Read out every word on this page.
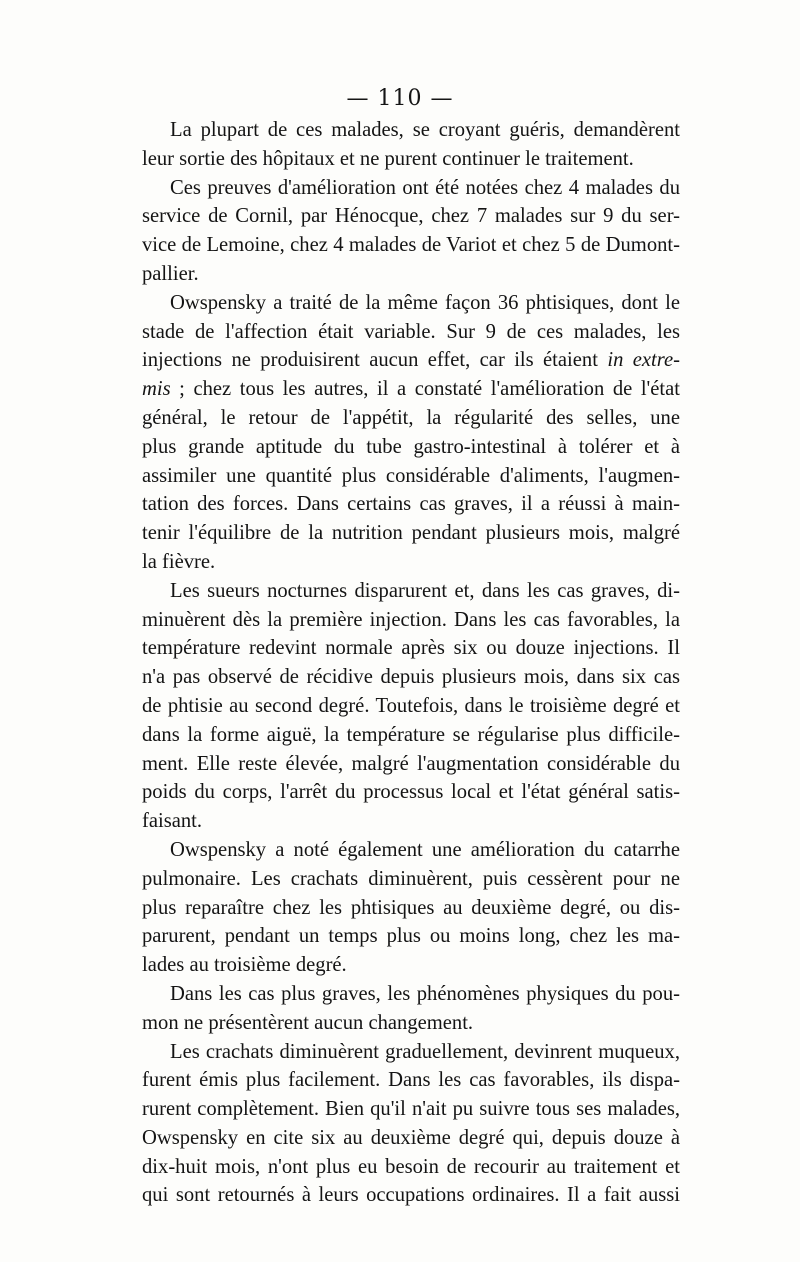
— 110 —

La plupart de ces malades, se croyant guéris, demandèrent
leur sortie des hôpitaux et ne purent continuer le traitement.

Ces preuves d'amélioration ont été notées chez 4 malades du
service de Cornil, par Hénocque, chez 7 malades sur 9 du ser-
vice de Lemoine, chez 4 malades de Variot et chez 5 de Dumont-
pallier.

Owspensky a traité de la même façon 36 phtisiques, dont le
stade de l'affection était variable. Sur 9 de ces malades, les
injections ne produisirent aucun effet, car ils étaient in extre-
mis ; chez tous les autres, il a constaté l'amélioration de l'état
général, le retour de l'appétit, la régularité des selles, une
plus grande aptitude du tube gastro-intestinal à tolérer et à
assimiler une quantité plus considérable d'aliments, l'augmen-
tation des forces. Dans certains cas graves, il a réussi à main-
tenir l'équilibre de la nutrition pendant plusieurs mois, malgré
la fièvre.

Les sueurs nocturnes disparurent et, dans les cas graves, di-
minuèrent dès la première injection. Dans les cas favorables, la
température redevint normale après six ou douze injections. Il
n'a pas observé de récidive depuis plusieurs mois, dans six cas
de phtisie au second degré. Toutefois, dans le troisième degré et
dans la forme aiguë, la température se régularise plus difficile-
ment. Elle reste élevée, malgré l'augmentation considérable du
poids du corps, l'arrêt du processus local et l'état général satis-
faisant.

Owspensky a noté également une amélioration du catarrhe
pulmonaire. Les crachats diminuèrent, puis cessèrent pour ne
plus reparaître chez les phtisiques au deuxième degré, ou dis-
parurent, pendant un temps plus ou moins long, chez les ma-
lades au troisième degré.

Dans les cas plus graves, les phénomènes physiques du pou-
mon ne présentèrent aucun changement.

Les crachats diminuèrent graduellement, devinrent muqueux,
furent émis plus facilement. Dans les cas favorables, ils dispa-
rurent complètement. Bien qu'il n'ait pu suivre tous ses malades,
Owspensky en cite six au deuxième degré qui, depuis douze à
dix-huit mois, n'ont plus eu besoin de recourir au traitement et
qui sont retournés à leurs occupations ordinaires. Il a fait aussi
